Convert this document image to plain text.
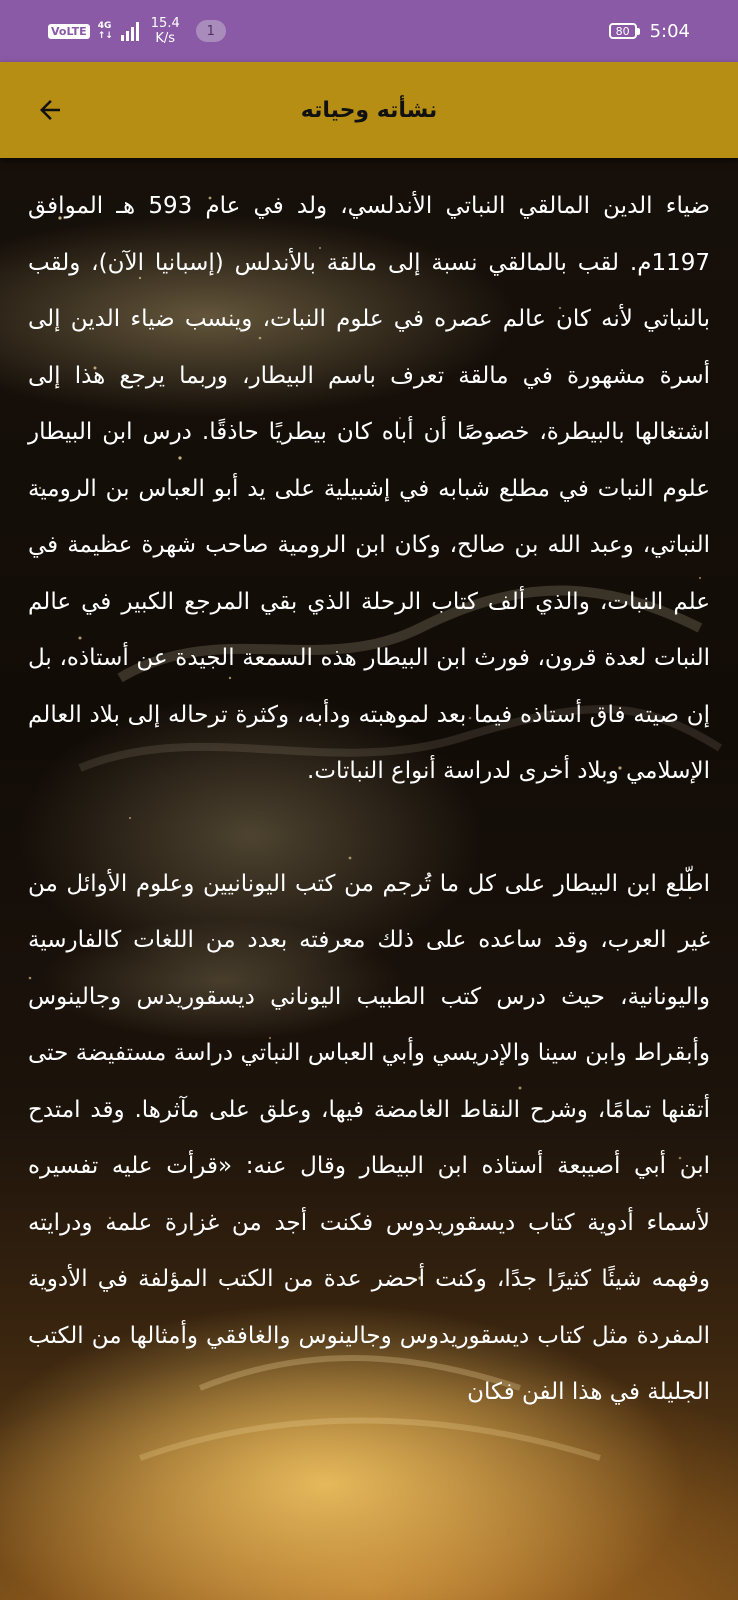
VoLTE	4G
↑↓
15.4
K/s	1	80	5:04
نشأته وحياته

ضياء الدين المالقي النباتي الأندلسي، ولد في عام 593 هـ الموافق 1197م. لقب بالمالقي نسبة إلى مالقة بالأندلس (إسبانيا الآن)، ولقب بالنباتي لأنه كان عالم عصره في علوم النبات، وينسب ضياء الدين إلى أسرة مشهورة في مالقة تعرف باسم البيطار، وربما يرجع هذا إلى اشتغالها بالبيطرة، خصوصًا أن أباه كان بيطريًا حاذقًا. درس ابن البيطار علوم النبات في مطلع شبابه في إشبيلية على يد أبو العباس بن الرومية النباتي، وعبد الله بن صالح، وكان ابن الرومية صاحب شهرة عظيمة في علم النبات، والذي ألف كتاب الرحلة الذي بقي المرجع الكبير في عالم النبات لعدة قرون، فورث ابن البيطار هذه السمعة الجيدة عن أستاذه، بل إن صيته فاق أستاذه فيما بعد لموهبته ودأبه، وكثرة ترحاله إلى بلاد العالم الإسلامي وبلاد أخرى لدراسة أنواع النباتات.

اطّلع ابن البيطار على كل ما تُرجم من كتب اليونانيين وعلوم الأوائل من غير العرب، وقد ساعده على ذلك معرفته بعدد من اللغات كالفارسية واليونانية، حيث درس كتب الطبيب اليوناني ديسقوريدس وجالينوس وأبقراط وابن سينا والإدريسي وأبي العباس النباتي دراسة مستفيضة حتى أتقنها تمامًا، وشرح النقاط الغامضة فيها، وعلق على مآثرها. وقد امتدح ابن أبي أصيبعة أستاذه ابن البيطار وقال عنه: «قرأت عليه تفسيره لأسماء أدوية كتاب ديسقوريدوس فكنت أجد من غزارة علمه ودرايته وفهمه شيئًا كثيرًا جدًا، وكنت أحضر عدة من الكتب المؤلفة في الأدوية المفردة مثل كتاب ديسقوريدوس وجالينوس والغافقي وأمثالها من الكتب الجليلة في هذا الفن فكان
